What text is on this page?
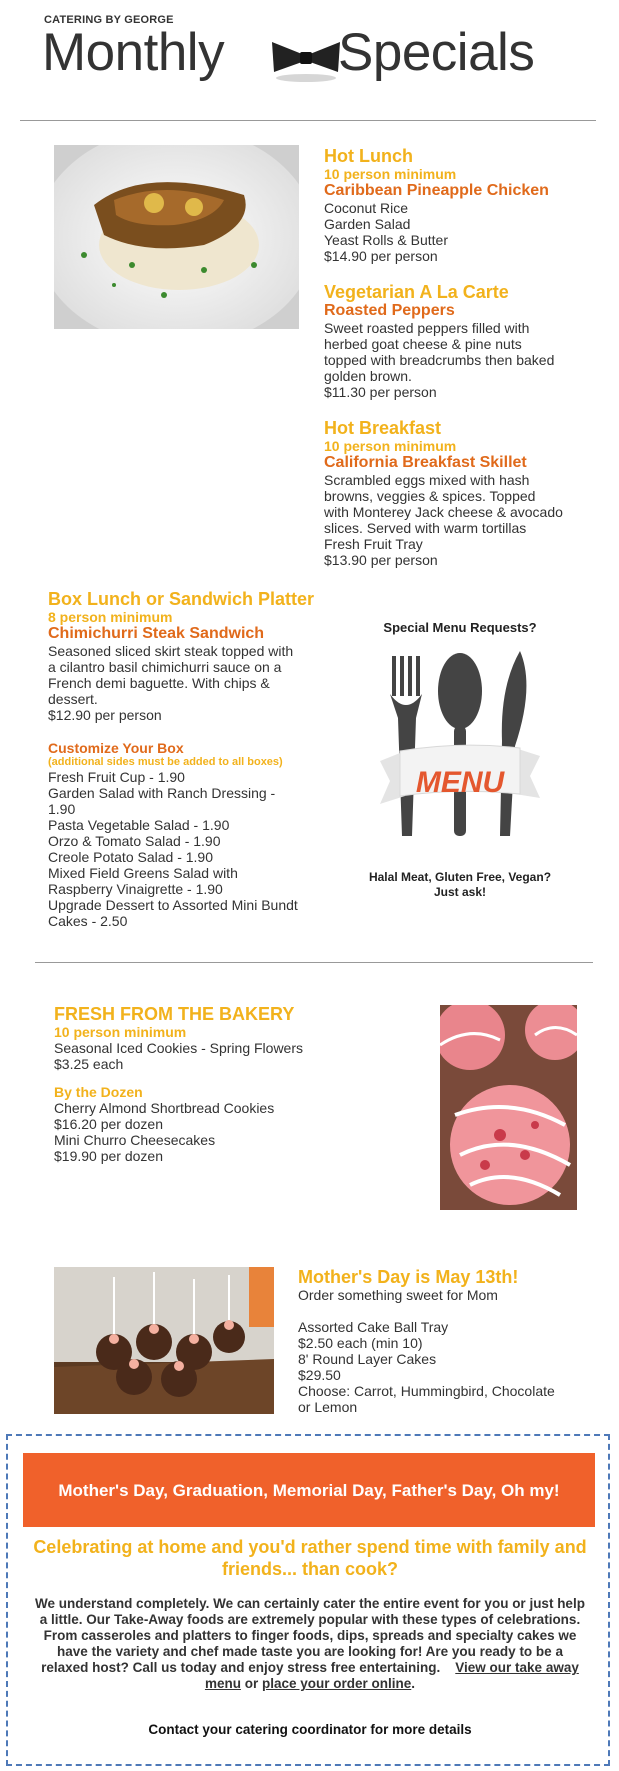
CATERING BY GEORGE
Monthly Specials
Hot Lunch
10 person minimum
Caribbean Pineapple Chicken
Coconut Rice
Garden Salad
Yeast Rolls & Butter
$14.90 per person
Vegetarian A La Carte
Roasted Peppers
Sweet roasted peppers filled with
herbed goat cheese & pine nuts
topped with breadcrumbs then baked
golden brown.
$11.30 per person
Hot Breakfast
10 person minimum
California Breakfast Skillet
Scrambled eggs mixed with hash
browns, veggies & spices. Topped
with Monterey Jack cheese & avocado
slices. Served with warm tortillas
Fresh Fruit Tray
$13.90 per person
Box Lunch or Sandwich Platter
8 person minimum
Chimichurri Steak Sandwich
Seasoned sliced skirt steak topped with
a cilantro basil chimichurri sauce on a
French demi baguette. With chips &
dessert.
$12.90 per person
Customize Your Box
(additional sides must be added to all boxes)
Fresh Fruit Cup - 1.90
Garden Salad with Ranch Dressing -
1.90
Pasta Vegetable Salad - 1.90
Orzo & Tomato Salad - 1.90
Creole Potato Salad - 1.90
Mixed Field Greens Salad with
Raspberry Vinaigrette - 1.90
Upgrade Dessert to Assorted Mini Bundt
Cakes - 2.50
Special Menu Requests?
MENU
Halal Meat, Gluten Free, Vegan?
Just ask!
FRESH FROM THE BAKERY
10 person minimum
Seasonal Iced Cookies - Spring Flowers
$3.25 each
By the Dozen
Cherry Almond Shortbread Cookies
$16.20 per dozen
Mini Churro Cheesecakes
$19.90 per dozen
Mother's Day is May 13th!
Order something sweet for Mom
Assorted Cake Ball Tray
$2.50 each (min 10)
8' Round Layer Cakes
$29.50
Choose: Carrot, Hummingbird, Chocolate
or Lemon
Mother's Day, Graduation, Memorial Day, Father's Day, Oh my!
Celebrating at home and you'd rather spend time with family and friends... than cook?
We understand completely. We can certainly cater the entire event for you or just help a little. Our Take-Away foods are extremely popular with these types of celebrations. From casseroles and platters to finger foods, dips, spreads and specialty cakes we have the variety and chef made taste you are looking for! Are you ready to be a relaxed host? Call us today and enjoy stress free entertaining. View our take away menu or place your order online.
Contact your catering coordinator for more details
